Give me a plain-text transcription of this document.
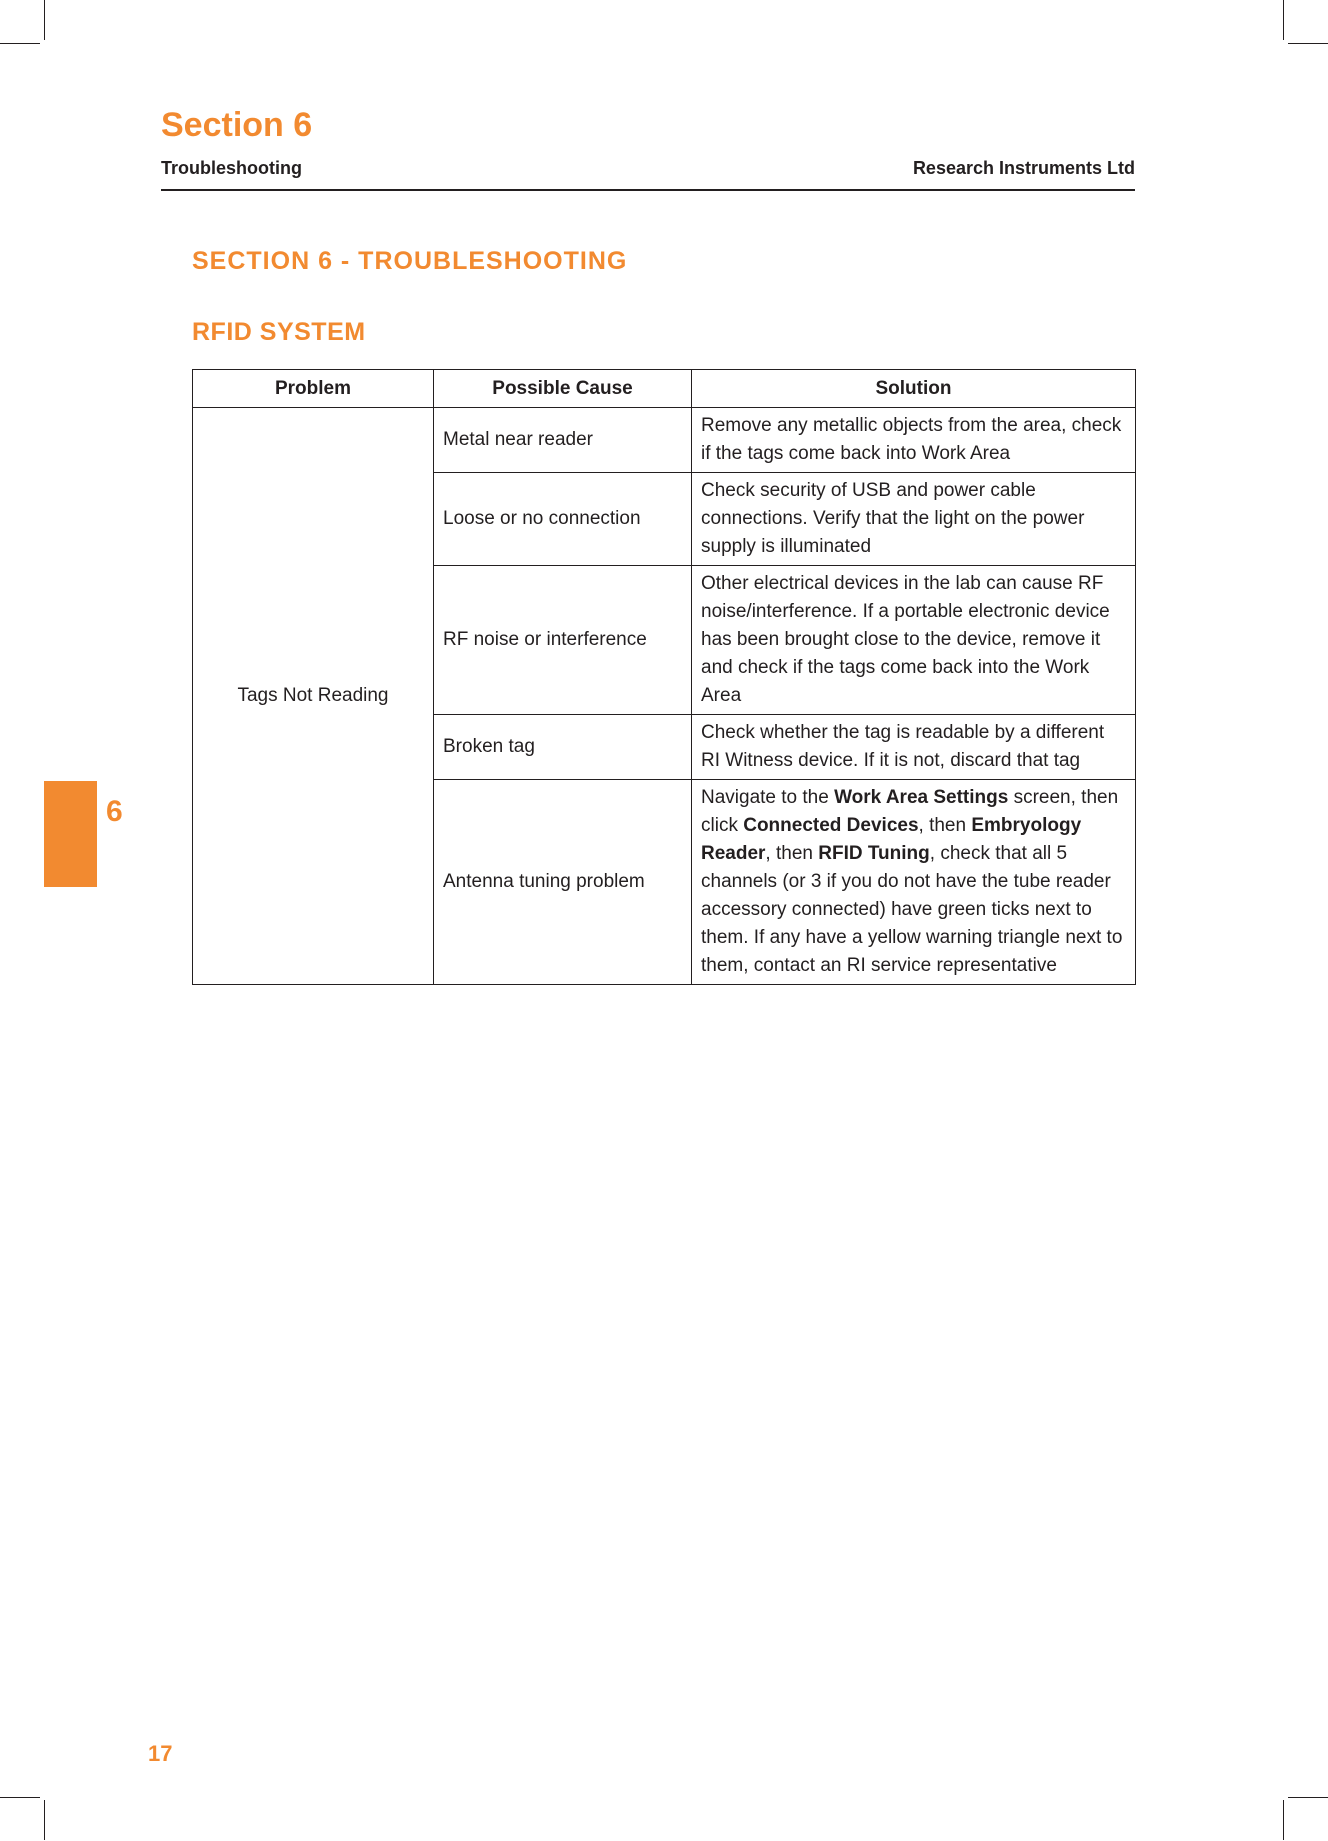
Section 6
Troubleshooting	Research Instruments Ltd
SECTION 6 - TROUBLESHOOTING
RFID SYSTEM
Problem	Possible Cause	Solution
Tags Not Reading	Metal near reader	Remove any metallic objects from the area, check if the tags come back into Work Area
	Loose or no connection	Check security of USB and power cable connections. Verify that the light on the power supply is illuminated
	RF noise or interference	Other electrical devices in the lab can cause RF noise/interference. If a portable electronic device has been brought close to the device, remove it and check if the tags come back into the Work Area
	Broken tag	Check whether the tag is readable by a different RI Witness device. If it is not, discard that tag
	Antenna tuning problem	Navigate to the Work Area Settings screen, then click Connected Devices, then Embryology Reader, then RFID Tuning, check that all 5 channels (or 3 if you do not have the tube reader accessory connected) have green ticks next to them. If any have a yellow warning triangle next to them, contact an RI service representative
6
17
